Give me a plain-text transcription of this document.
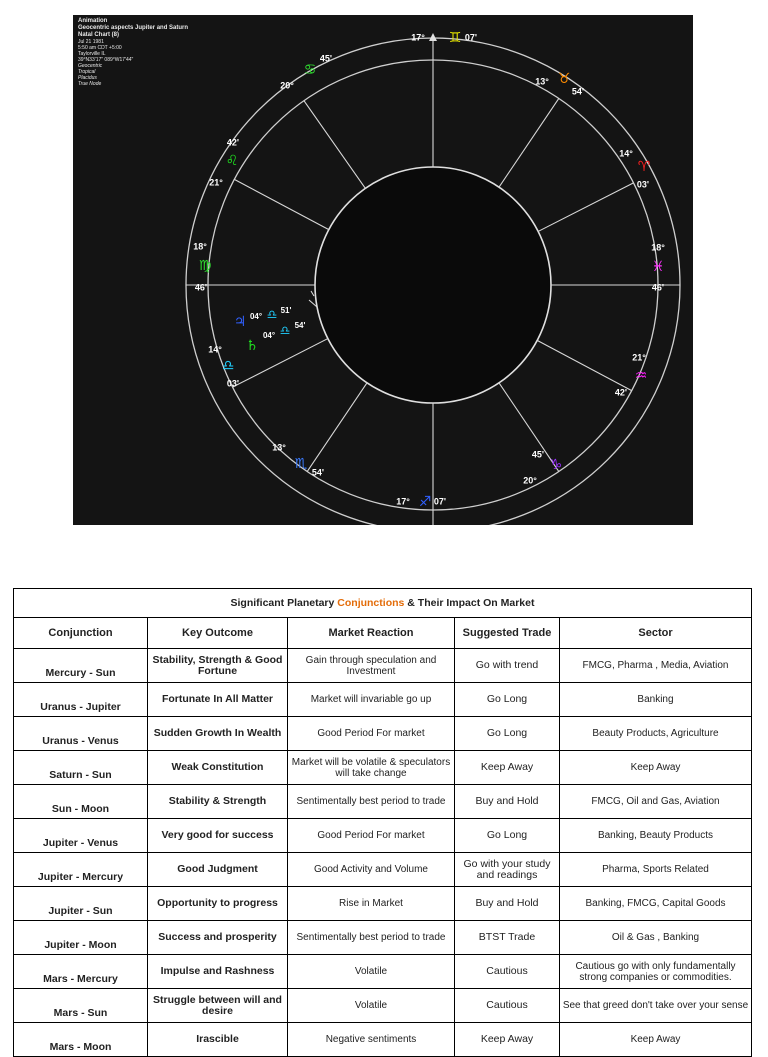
17° ♊ 07'
13° ♉
54'
14°
♈
03'
18°
♓
46'
21°
♒
42'
20°
♑
45'
17° ♐ 07'
13°
♏
54'
14°
♎
03'
18°
♍
46'
21°
♌
42'
20°
♋
45'
♃ 04° ♎ 51'
♄
04° ♎ 54'
Animation
Geocentric aspects Jupiter and Saturn
Natal Chart (8)
Jul 21 1981
5:50 am CDT +5:00
Taylorville IL
39°N33'17" 089°W17'44"
Geocentric
Tropical
Placidus
True Node
Significant Planetary Conjunctions & Their Impact On Market				
Conjunction	Key Outcome	Market Reaction	Suggested Trade	Sector
Mercury - Sun	Stability, Strength & Good Fortune	Gain through speculation and Investment	Go with trend	FMCG, Pharma , Media, Aviation
Uranus - Jupiter	Fortunate In All Matter	Market will invariable go up	Go Long	Banking
Uranus - Venus	Sudden Growth In Wealth	Good Period For market	Go Long	Beauty Products, Agriculture
Saturn - Sun	Weak Constitution	Market will be volatile & speculators will take change	Keep Away	Keep Away
Sun - Moon	Stability & Strength	Sentimentally best period to trade	Buy and Hold	FMCG, Oil and Gas, Aviation
Jupiter - Venus	Very good for success	Good Period For market	Go Long	Banking, Beauty Products
Jupiter - Mercury	Good Judgment	Good Activity and Volume	Go with your study and readings	Pharma, Sports Related
Jupiter - Sun	Opportunity to progress	Rise in Market	Buy and Hold	Banking, FMCG, Capital Goods
Jupiter - Moon	Success and prosperity	Sentimentally best period to trade	BTST Trade	Oil & Gas , Banking
Mars - Mercury	Impulse and Rashness	Volatile	Cautious	Cautious go with only fundamentally strong companies or commodities.
Mars - Sun	Struggle between will and desire	Volatile	Cautious	See that greed don't take over your sense
Mars - Moon	Irascible	Negative sentiments	Keep Away	Keep Away
